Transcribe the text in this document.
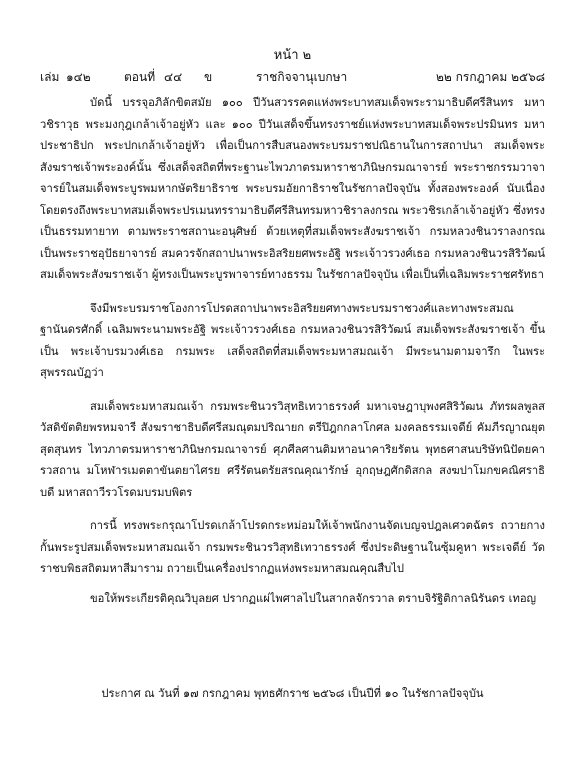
หน้า ๒
เล่ม ๑๔๒	ตอนที่ ๔๔ ข	ราชกิจจานุเบกษา	๒๒ กรกฎาคม ๒๕๖๘

บัดนี้ บรรจุอภิลักขิตสมัย ๑๐๐ ปีวันสวรรคตแห่งพระบาทสมเด็จพระรามาธิบดีศรีสินทร มหาวชิราวุธ พระมงกุฎเกล้าเจ้าอยู่หัว และ ๑๐๐ ปีวันเสด็จขึ้นทรงราชย์แห่งพระบาทสมเด็จพระปรมินทร มหาประชาธิปก พระปกเกล้าเจ้าอยู่หัว เพื่อเป็นการสืบสนองพระบรมราชปณิธานในการสถาปนา สมเด็จพระสังฆราชเจ้าพระองค์นั้น ซึ่งเสด็จสถิตที่พระฐานะไพวภาตรมหาราชาภินิษกรมณาจารย์ พระราชกรรมวาจาจารย์ในสมเด็จพระบูรพมหากษัตริยาธิราช พระบรมอัยกาธิราชในรัชกาลปัจจุบัน ทั้งสองพระองค์ นับเนื่องโดยตรงถึงพระบาทสมเด็จพระปรเมนทรรามาธิบดีศรีสินทรมหาวชิราลงกรณ พระวชิรเกล้าเจ้าอยู่หัว ซึ่งทรงเป็นธรรมทายาท ตามพระราชสถานะอนุศิษย์ ด้วยเหตุที่สมเด็จพระสังฆราชเจ้า กรมหลวงชินวราลงกรณ เป็นพระราชอุปัธยาจารย์ สมควรจักสถาปนาพระอิสริยยศพระอัฐิ พระเจ้าวรวงศ์เธอ กรมหลวงชินวรสิริวัฒน์ สมเด็จพระสังฆราชเจ้า ผู้ทรงเป็นพระบูรพาจารย์ทางธรรม ในรัชกาลปัจจุบัน เพื่อเป็นที่เฉลิมพระราชศรัทธา

จึงมีพระบรมราชโองการโปรดสถาปนาพระอิสริยยศทางพระบรมราชวงศ์และทางพระสมณ ฐานันดรศักดิ์ เฉลิมพระนามพระอัฐิ พระเจ้าวรวงศ์เธอ กรมหลวงชินวรสิริวัฒน์ สมเด็จพระสังฆราชเจ้า ขึ้นเป็น พระเจ้าบรมวงศ์เธอ กรมพระ เสด็จสถิตที่สมเด็จพระมหาสมณเจ้า มีพระนามตามจารึก ในพระสุพรรณบัฏว่า

สมเด็จพระมหาสมณเจ้า กรมพระชินวรวิสุทธิเทวาธรรงศ์ มหาเจษฎาบุพงศสิริวัฒน ภัทรผลพูลสวัสดิขัตติยพรหมจารี สังฆราชาธิบดีศรีสมณุตมปริณายก ตรีปิฎกกลาโกศล มงคลธรรมเจดีย์ คัมภีรญาณยุตสุตสุนทร ไทวภาตรมหาราชาภินิษกรมณาจารย์ ศุภศีลศานติมหาอนาคาริยรัตน พุทธศาสนบริษัทนิปัตยคารวสถาน มโหฬารเมตตาขันตยาไศรย ศรีรัตนตรัยสรณคุณารักษ์ อุกฤษฎศักดิสกล สงฆปาโมกขคณิศราธิบดี มหาสถาวีรวโรดมบรมบพิตร

การนี้ ทรงพระกรุณาโปรดเกล้าโปรดกระหม่อมให้เจ้าพนักงานจัดเบญจปฎลเศวตฉัตร ถวายกางกั้นพระรูปสมเด็จพระมหาสมณเจ้า กรมพระชินวรวิสุทธิเทวาธรรงศ์ ซึ่งประดิษฐานในซุ้มคูหา พระเจดีย์ วัดราชบพิธสถิตมหาสีมาราม ถวายเป็นเครื่องปรากฏแห่งพระมหาสมณคุณสืบไป

ขอให้พระเกียรติคุณวิบุลยศ ปรากฏแผ่ไพศาลไปในสากลจักรวาล ตราบจิรัฐิติกาลนิรันดร เทอญ

ประกาศ ณ วันที่ ๑๗ กรกฎาคม พุทธศักราช ๒๕๖๘ เป็นปีที่ ๑๐ ในรัชกาลปัจจุบัน
